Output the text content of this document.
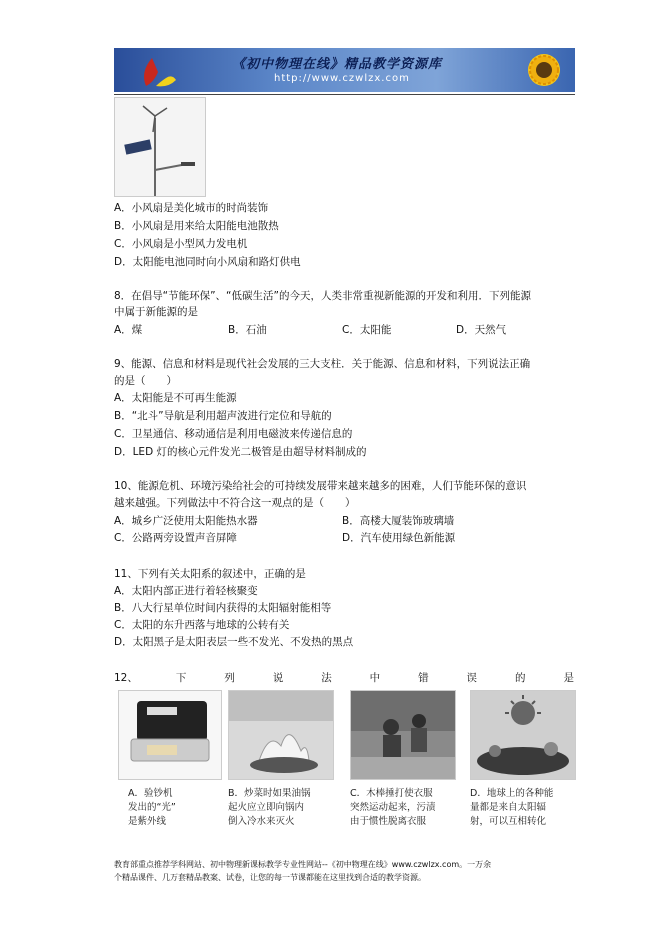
《初中物理在线》精品教学资源库
http://www.czwlzx.com
A．小风扇是美化城市的时尚装饰
B．小风扇是用来给太阳能电池散热
C．小风扇是小型风力发电机
D．太阳能电池同时向小风扇和路灯供电
8．在倡导“节能环保”、“低碳生活”的今天，人类非常重视新能源的开发和利用．下列能源
中属于新能源的是
A．煤	B．石油	C．太阳能	D．天然气
9、能源、信息和材料是现代社会发展的三大支柱．关于能源、信息和材料，下列说法正确
的是（　　）
A．太阳能是不可再生能源
B．“北斗”导航是利用超声波进行定位和导航的
C．卫星通信、移动通信是利用电磁波来传递信息的
D．LED 灯的核心元件发光二极管是由超导材料制成的
10、能源危机、环境污染给社会的可持续发展带来越来越多的困难，人们节能环保的意识
越来越强。下列做法中不符合这一观点的是（　　）
A．城乡广泛使用太阳能热水器	B．高楼大厦装饰玻璃墙
C．公路两旁设置声音屏障	D．汽车使用绿色新能源
11、下列有关太阳系的叙述中，正确的是
A．太阳内部正进行着轻核聚变
B．八大行星单位时间内获得的太阳辐射能相等
C．太阳的东升西落与地球的公转有关
D．太阳黑子是太阳表层一些不发光、不发热的黑点
12、	下	列	说	法	中	错	误	的	是
A．验钞机
发出的“光”
是紫外线
B．炒菜时如果油锅
起火应立即向锅内
倒入冷水来灭火
C．木棒捶打使衣服
突然运动起来，污渍
由于惯性脱离衣服
D．地球上的各种能
量都是来自太阳辐
射，可以互相转化
教育部重点推荐学科网站、初中物理新课标教学专业性网站--《初中物理在线》www.czwlzx.com。一万余
个精品课件、几万套精品教案、试卷，让您的每一节课都能在这里找到合适的教学资源。
